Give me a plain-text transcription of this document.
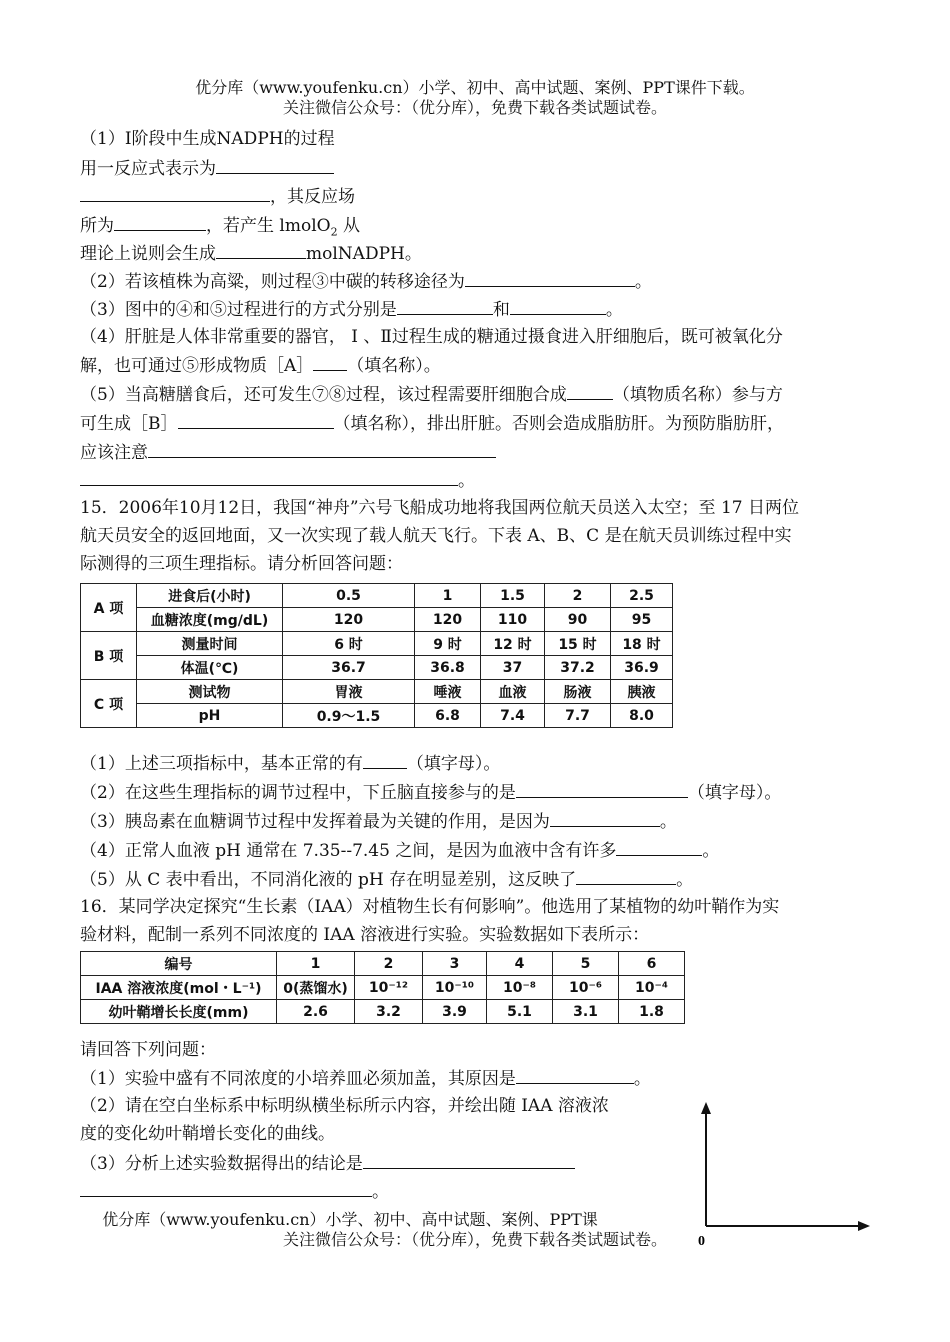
优分库（www.youfenku.cn）小学、初中、高中试题、案例、PPT课件下载。
关注微信公众号：（优分库），免费下载各类试题试卷。
（1）I阶段中生成NADPH的过程
用一反应式表示为
，其反应场
所为	，若产生 lmolO$_2$ 从
理论上说则会生成	molNADPH。
（2）若该植株为高粱，则过程③中碳的转移途径为	。
（3）图中的④和⑤过程进行的方式分别是	和	。
（4）肝脏是人体非常重要的器官， Ⅰ 、Ⅱ过程生成的糖通过摄食进入肝细胞后，既可被氧化分
解，也可通过⑤形成物质［A］ （填名称）。
（5）当高糖膳食后，还可发生⑦⑧过程，该过程需要肝细胞合成	（填物质名称）参与方
可生成［B］	（填名称），排出肝脏。否则会造成脂肪肝。为预防脂肪肝，
应该注意
。
15．2006年10月12日，我国“神舟”六号飞船成功地将我国两位航天员送入太空；至 17 日两位
航天员安全的返回地面，又一次实现了载人航天飞行。下表 A、B、C 是在航天员训练过程中实
际测得的三项生理指标。请分析回答问题：
A 项	进食后(小时)	0.5	1	1.5	2	2.5
	血糖浓度(mg/dL)	120	120	110	90	95
B 项	测量时间	6 时	9 时	12 时	15 时	18 时
	体温(℃)	36.7	36.8	37	37.2	36.9
C 项	测试物	胃液	唾液	血液	肠液	胰液
	pH	0.9～1.5	6.8	7.4	7.7	8.0
（1）上述三项指标中，基本正常的有	（填字母）。
（2）在这些生理指标的调节过程中，下丘脑直接参与的是	（填字母）。
（3）胰岛素在血糖调节过程中发挥着最为关键的作用，是因为	。
（4）正常人血液 pH 通常在 7.35--7.45 之间，是因为血液中含有许多	。
（5）从 C 表中看出，不同消化液的 pH 存在明显差别，这反映了	。
16．某同学决定探究“生长素（IAA）对植物生长有何影响”。他选用了某植物的幼叶鞘作为实
验材料，配制一系列不同浓度的 IAA 溶液进行实验。实验数据如下表所示：
编号	1	2	3	4	5	6
IAA 溶液浓度(mol・L⁻¹)	0(蒸馏水)	10⁻¹²	10⁻¹⁰	10⁻⁸	10⁻⁶	10⁻⁴
幼叶鞘增长长度(mm)	2.6	3.2	3.9	5.1	3.1	1.8
请回答下列问题：
（1）实验中盛有不同浓度的小培养皿必须加盖，其原因是	。
（2）请在空白坐标系中标明纵横坐标所示内容，并绘出随 IAA 溶液浓
度的变化幼叶鞘增长变化的曲线。
（3）分析上述实验数据得出的结论是
。
优分库（www.youfenku.cn）小学、初中、高中试题、案例、PPT课
关注微信公众号：（优分库），免费下载各类试题试卷。	0
